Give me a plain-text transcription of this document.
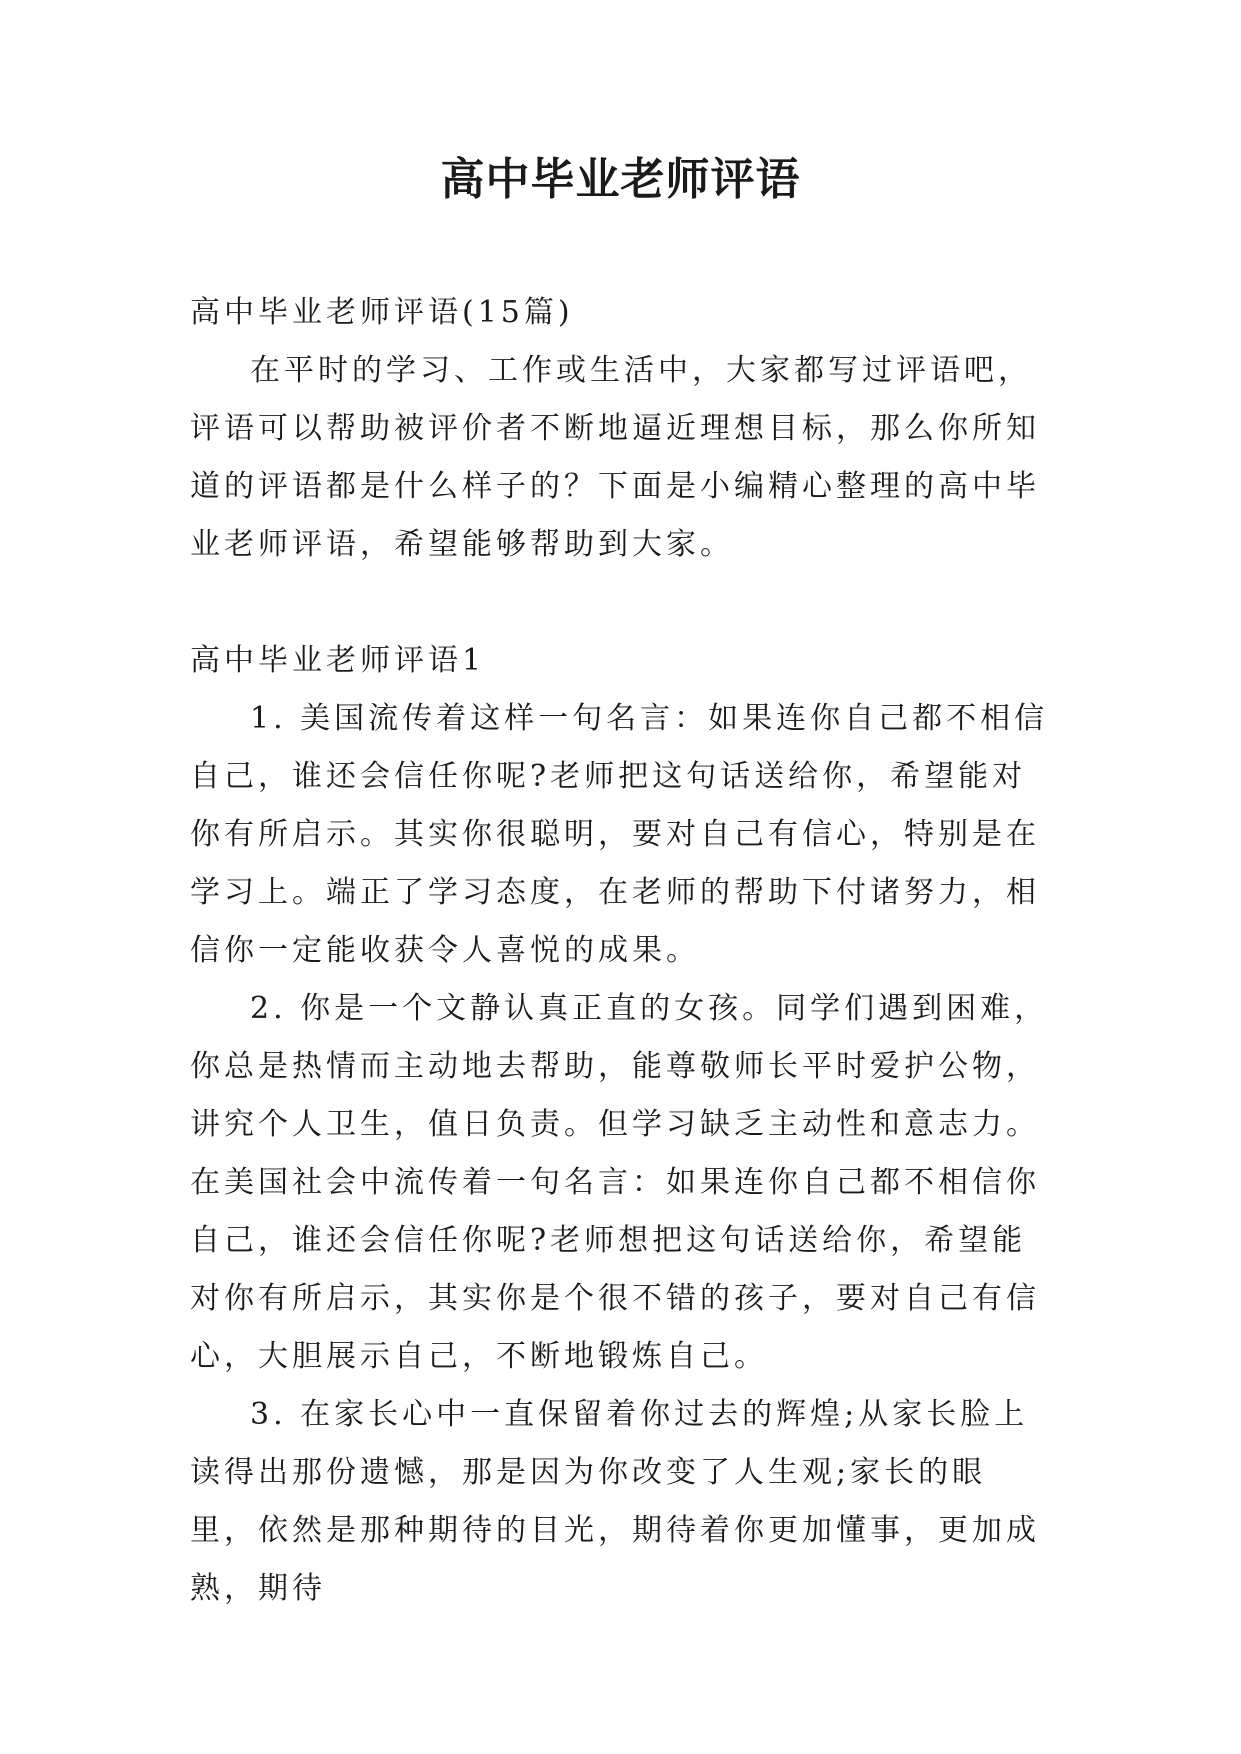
高中毕业老师评语

高中毕业老师评语(15篇)

在平时的学习、工作或生活中，大家都写过评语吧，评语可以帮助被评价者不断地逼近理想目标，那么你所知道的评语都是什么样子的？下面是小编精心整理的高中毕业老师评语，希望能够帮助到大家。

高中毕业老师评语1

1. 美国流传着这样一句名言：如果连你自己都不相信自己，谁还会信任你呢?老师把这句话送给你，希望能对你有所启示。其实你很聪明，要对自己有信心，特别是在学习上。端正了学习态度，在老师的帮助下付诸努力，相信你一定能收获令人喜悦的成果。

2. 你是一个文静认真正直的女孩。同学们遇到困难，你总是热情而主动地去帮助，能尊敬师长平时爱护公物，讲究个人卫生，值日负责。但学习缺乏主动性和意志力。在美国社会中流传着一句名言：如果连你自己都不相信你自己，谁还会信任你呢?老师想把这句话送给你，希望能对你有所启示，其实你是个很不错的孩子，要对自己有信心，大胆展示自己，不断地锻炼自己。

3. 在家长心中一直保留着你过去的辉煌;从家长脸上读得出那份遗憾，那是因为你改变了人生观;家长的眼里，依然是那种期待的目光，期待着你更加懂事，更加成熟，期待
